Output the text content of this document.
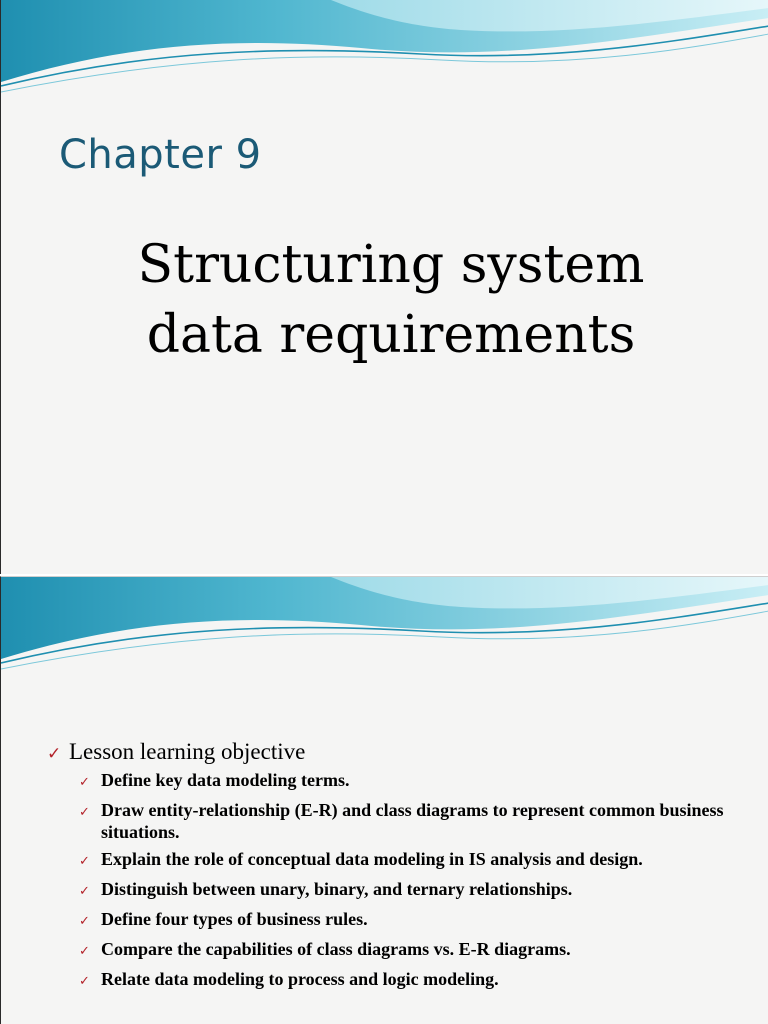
Chapter 9
Structuring system
data requirements
✓ Lesson learning objective
✓ Define key data modeling terms.
✓ Draw entity-relationship (E-R) and class diagrams to represent common business situations.
✓ Explain the role of conceptual data modeling in IS analysis and design.
✓ Distinguish between unary, binary, and ternary relationships.
✓ Define four types of business rules.
✓ Compare the capabilities of class diagrams vs. E-R diagrams.
✓ Relate data modeling to process and logic modeling.
